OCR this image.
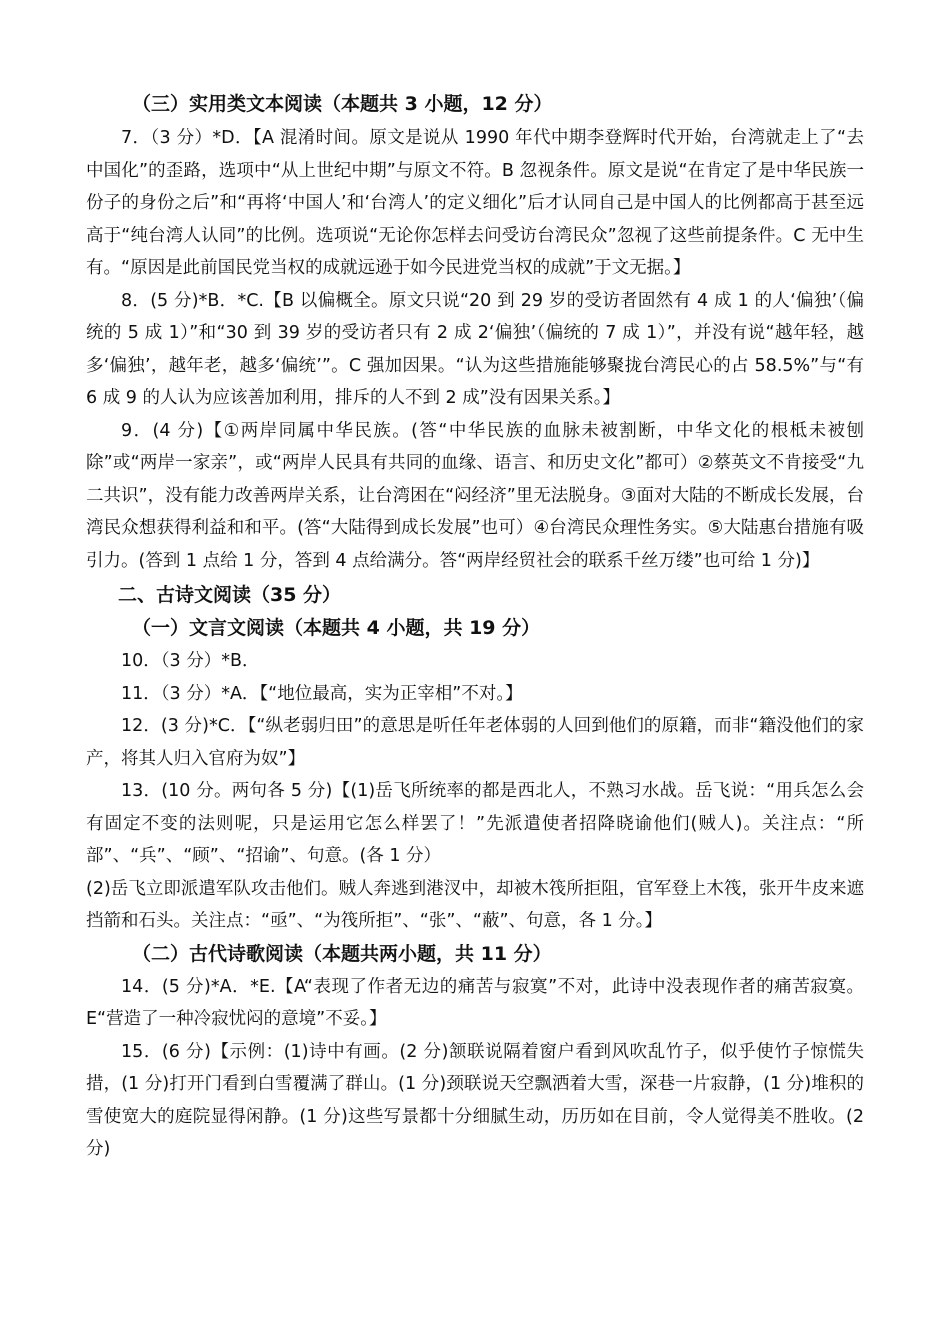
（三）实用类文本阅读（本题共 3 小题，12 分）

7．（3 分）*D．【A 混淆时间。原文是说从 1990 年代中期李登辉时代开始，台湾就走上了“去中国化”的歪路，选项中“从上世纪中期”与原文不符。B 忽视条件。原文是说“在肯定了是中华民族一份子的身份之后”和“再将‘中国人’和‘台湾人’的定义细化”后才认同自己是中国人的比例都高于甚至远高于“纯台湾人认同”的比例。选项说“无论你怎样去问受访台湾民众”忽视了这些前提条件。C 无中生有。“原因是此前国民党当权的成就远逊于如今民进党当权的成就”于文无据。】

8．(5 分)*B．*C.【B 以偏概全。原文只说“20 到 29 岁的受访者固然有 4 成 1 的人‘偏独’（偏统的 5 成 1）”和“30 到 39 岁的受访者只有 2 成 2‘偏独’（偏统的 7 成 1）”，并没有说“越年轻，越多‘偏独’，越年老，越多‘偏统’”。C 强加因果。“认为这些措施能够聚拢台湾民心的占 58.5%”与“有 6 成 9 的人认为应该善加利用，排斥的人不到 2 成”没有因果关系。】

9．(4 分)【①两岸同属中华民族。(答“中华民族的血脉未被割断，中华文化的根柢未被刨除”或“两岸一家亲”，或“两岸人民具有共同的血缘、语言、和历史文化”都可）②蔡英文不肯接受“九二共识”，没有能力改善两岸关系，让台湾困在“闷经济”里无法脱身。③面对大陆的不断成长发展，台湾民众想获得利益和和平。(答“大陆得到成长发展”也可）④台湾民众理性务实。⑤大陆惠台措施有吸引力。(答到 1 点给 1 分，答到 4 点给满分。答“两岸经贸社会的联系千丝万缕”也可给 1 分)】

二、古诗文阅读（35 分）

（一）文言文阅读（本题共 4 小题，共 19 分）

10．（3 分）*B．

11．（3 分）*A．【“地位最高，实为正宰相”不对。】

12．(3 分)*C．【“纵老弱归田”的意思是听任年老体弱的人回到他们的原籍，而非“籍没他们的家产，将其人归入官府为奴”】

13．(10 分。两句各 5 分)【(1)岳飞所统率的都是西北人，不熟习水战。岳飞说：“用兵怎么会有固定不变的法则呢，只是运用它怎么样罢了！”先派遣使者招降晓谕他们(贼人)。关注点：“所部”、“兵”、“顾”、“招谕”、句意。(各 1 分）

(2)岳飞立即派遣军队攻击他们。贼人奔逃到港汊中，却被木筏所拒阻，官军登上木筏，张开牛皮来遮挡箭和石头。关注点：“亟”、“为筏所拒”、“张”、“蔽”、句意，各 1 分。】

（二）古代诗歌阅读（本题共两小题，共 11 分）

14．(5 分)*A．*E.【A“表现了作者无边的痛苦与寂寞”不对，此诗中没表现作者的痛苦寂寞。E“营造了一种冷寂忧闷的意境”不妥。】

15．(6 分)【示例：(1)诗中有画。(2 分)颔联说隔着窗户看到风吹乱竹子，似乎使竹子惊慌失措，(1 分)打开门看到白雪覆满了群山。(1 分)颈联说天空飘洒着大雪，深巷一片寂静，(1 分)堆积的雪使宽大的庭院显得闲静。(1 分)这些写景都十分细腻生动，历历如在目前，令人觉得美不胜收。(2 分)
